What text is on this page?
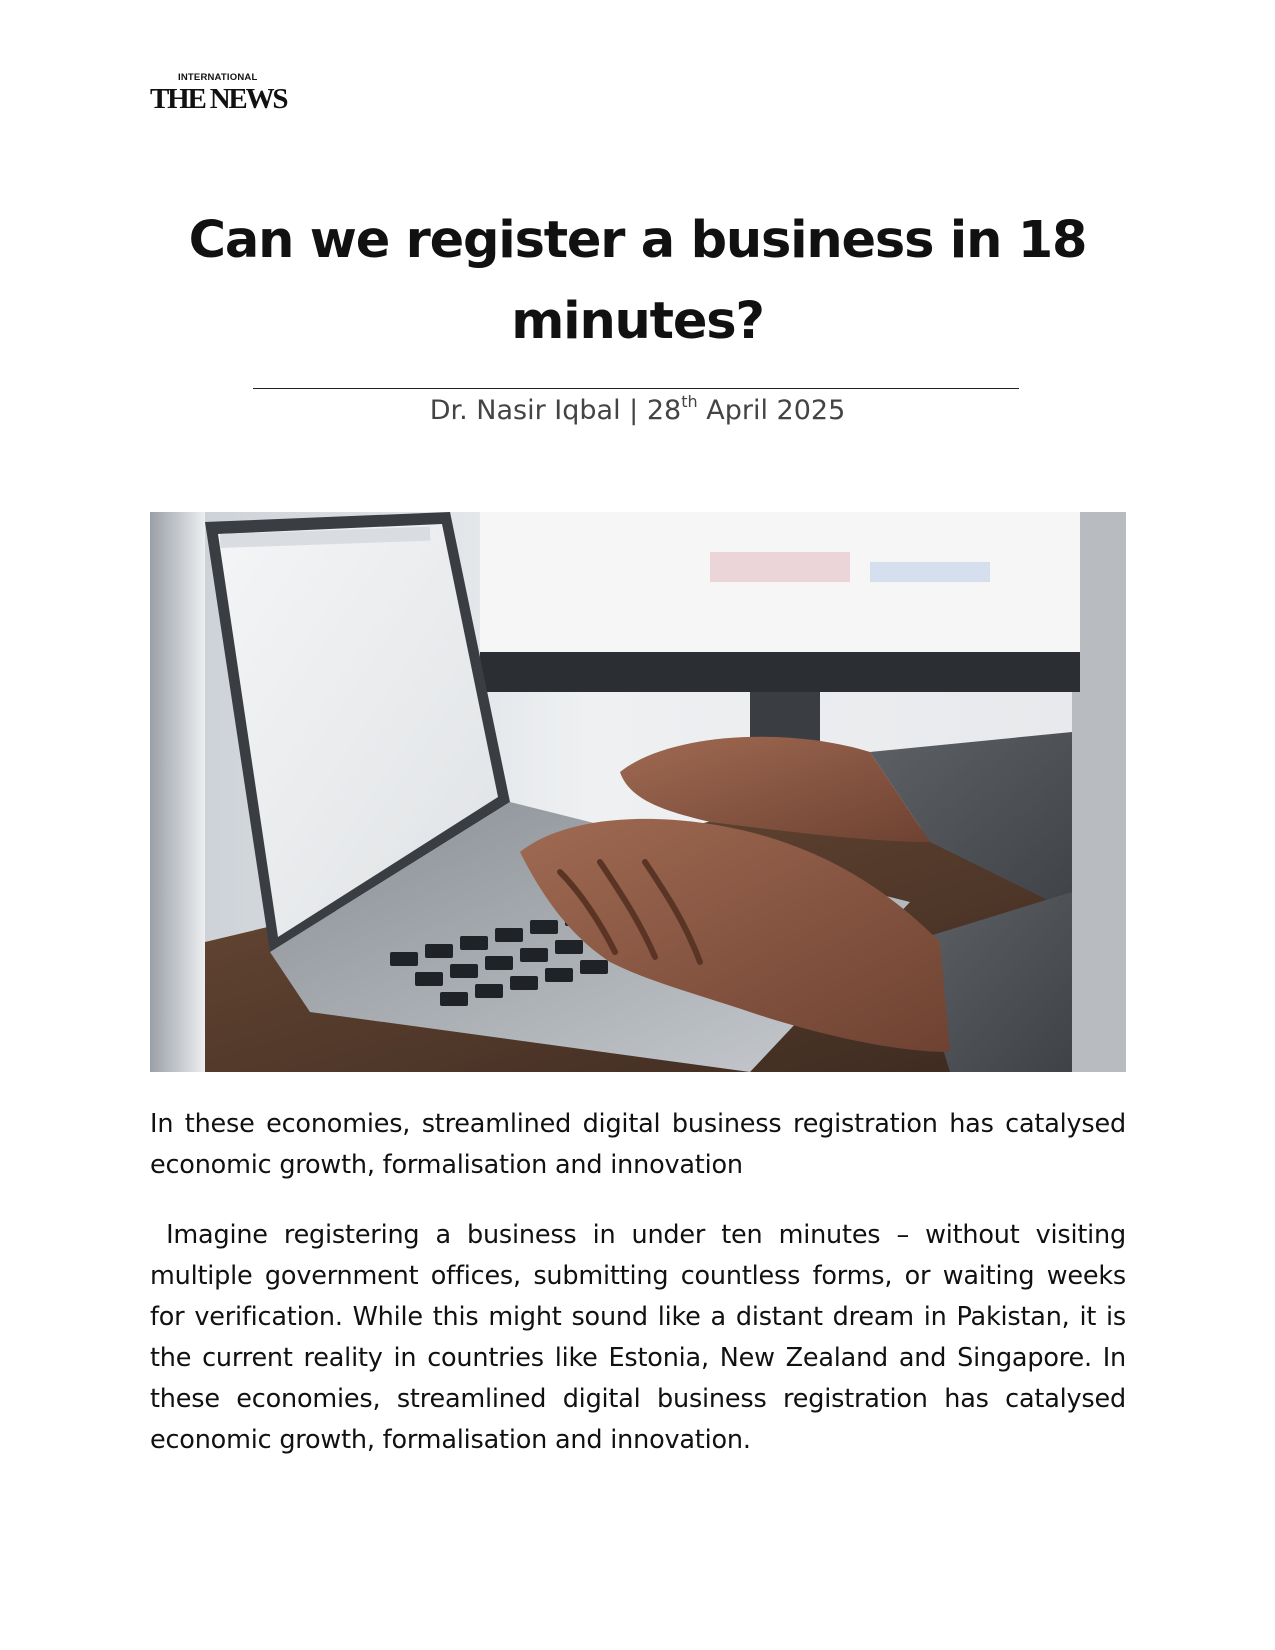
INTERNATIONAL
THE NEWS
Can we register a business in 18 minutes?
Dr. Nasir Iqbal | 28th April 2025

In these economies, streamlined digital business registration has catalysed economic growth, formalisation and innovation

Imagine registering a business in under ten minutes – without visiting multiple government offices, submitting countless forms, or waiting weeks for verification. While this might sound like a distant dream in Pakistan, it is the current reality in countries like Estonia, New Zealand and Singapore. In these economies, streamlined digital business registration has catalysed economic growth, formalisation and innovation.
